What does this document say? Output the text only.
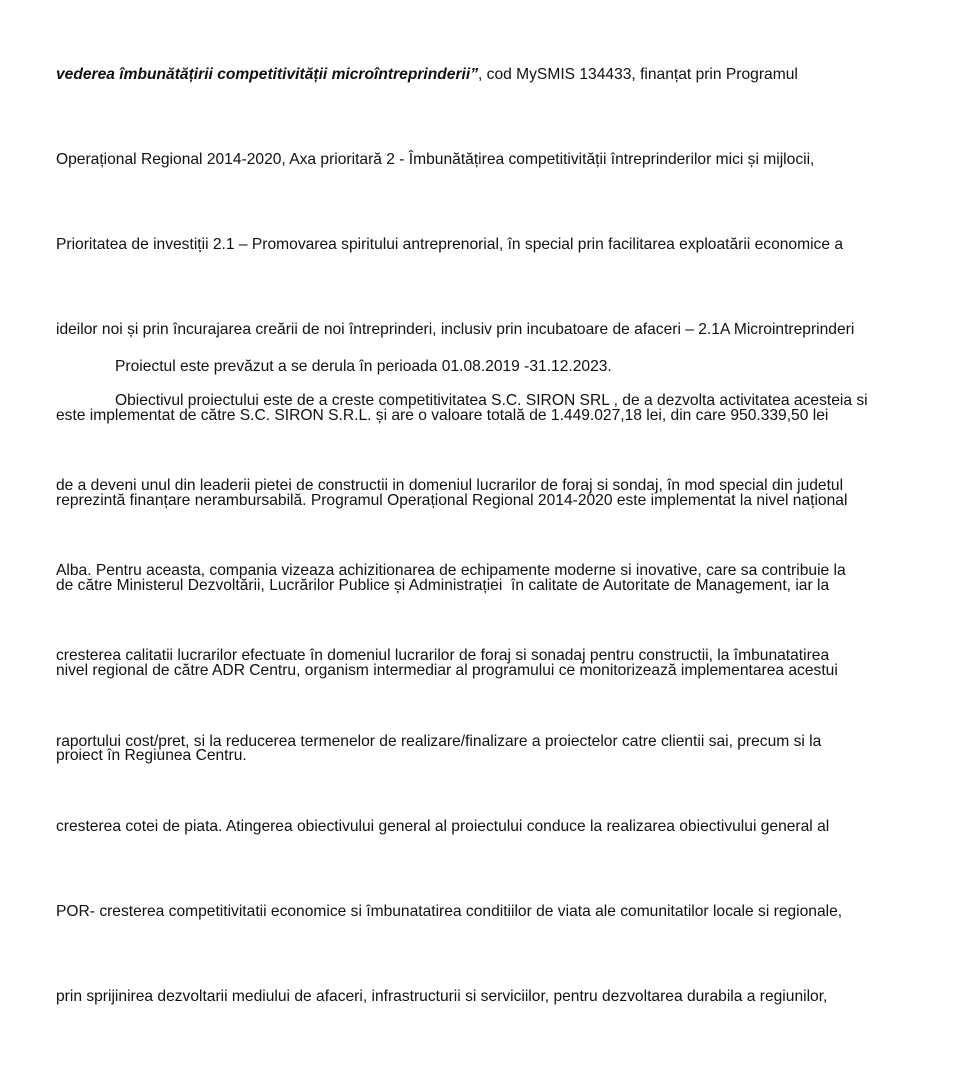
vederea îmbunătățirii competitivității microîntreprinderii”, cod MySMIS 134433, finanțat prin Programul

Operațional Regional 2014-2020, Axa prioritară 2 - Îmbunătățirea competitivității întreprinderilor mici și mijlocii,

Prioritatea de investiții 2.1 – Promovarea spiritului antreprenorial, în special prin facilitarea exploatării economice a

ideilor noi și prin încurajarea creării de noi întreprinderi, inclusiv prin incubatoare de afaceri – 2.1A Microintreprinderi

este implementat de către S.C. SIRON S.R.L. și are o valoare totală de 1.449.027,18 lei, din care 950.339,50 lei

reprezintă finanțare nerambursabilă. Programul Operațional Regional 2014-2020 este implementat la nivel național

de către Ministerul Dezvoltării, Lucrărilor Publice și Administrației  în calitate de Autoritate de Management, iar la

nivel regional de către ADR Centru, organism intermediar al programului ce monitorizează implementarea acestui

proiect în Regiunea Centru.

Proiectul este prevăzut a se derula în perioada 01.08.2019 -31.12.2023.

Obiectivul proiectului este de a creste competitivitatea S.C. SIRON SRL , de a dezvolta activitatea acesteia si

de a deveni unul din leaderii pietei de constructii in domeniul lucrarilor de foraj si sondaj, în mod special din judetul

Alba. Pentru aceasta, compania vizeaza achizitionarea de echipamente moderne si inovative, care sa contribuie la

cresterea calitatii lucrarilor efectuate în domeniul lucrarilor de foraj si sonadaj pentru constructii, la îmbunatatirea

raportului cost/pret, si la reducerea termenelor de realizare/finalizare a proiectelor catre clientii sai, precum si la

cresterea cotei de piata. Atingerea obiectivului general al proiectului conduce la realizarea obiectivului general al

POR- cresterea competitivitatii economice si îmbunatatirea conditiilor de viata ale comunitatilor locale si regionale,

prin sprijinirea dezvoltarii mediului de afaceri, infrastructurii si serviciilor, pentru dezvoltarea durabila a regiunilor,
